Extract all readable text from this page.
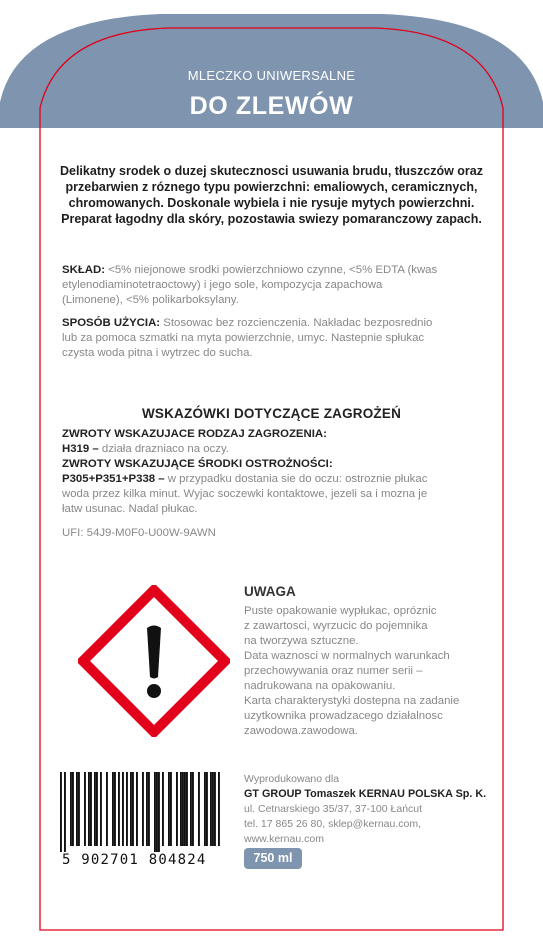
MLECZKO UNIWERSALNE
DO ZLEWÓW
STALOWYCH I GRANITOWYCH
Delikatny srodek o duzej skutecznosci usuwania brudu, tłuszczów oraz
przebarwien z róznego typu powierzchni: emaliowych, ceramicznych,
chromowanych. Doskonale wybiela i nie rysuje mytych powierzchni.
Preparat łagodny dla skóry, pozostawia swiezy pomaranczowy zapach.
SKŁAD: <5% niejonowe srodki powierzchniowo czynne, <5% EDTA (kwas
etylenodiaminotetraoctowy) i jego sole, kompozycja zapachowa
(Limonene), <5% polikarboksylany.
SPOSÓB UŻYCIA: Stosowac bez rozcienczenia. Nakładac bezposrednio
lub za pomoca szmatki na myta powierzchnie, umyc. Nastepnie spłukac
czysta woda pitna i wytrzec do sucha.
WSKAZÓWKI DOTYCZĄCE ZAGROŻEŃ
ZWROTY WSKAZUJACE RODZAJ ZAGROZENIA:
H319 – działa drazniaco na oczy.
ZWROTY WSKAZUJĄCE ŚRODKI OSTROŻNOŚCI:
P305+P351+P338 – w przypadku dostania sie do oczu: ostroznie płukac
woda przez kilka minut. Wyjac soczewki kontaktowe, jezeli sa i mozna je
łatw usunac. Nadal płukac.
UFI: 54J9-M0F0-U00W-9AWN
UWAGA
Puste opakowanie wypłukac, opróznic
z zawartosci, wyrzucic do pojemnika
na tworzywa sztuczne.
Data waznosci w normalnych warunkach
przechowywania oraz numer serii –
nadrukowana na opakowaniu.
Karta charakterystyki dostepna na zadanie
uzytkownika prowadzacego działalnosc
zawodowa.zawodowa.
5 902701 804824
Wyprodukowano dla
GT GROUP Tomaszek KERNAU POLSKA Sp. K.
ul. Cetnarskiego 35/37, 37-100 Łańcut
tel. 17 865 26 80, sklep@kernau.com,
www.kernau.com
750 ml
